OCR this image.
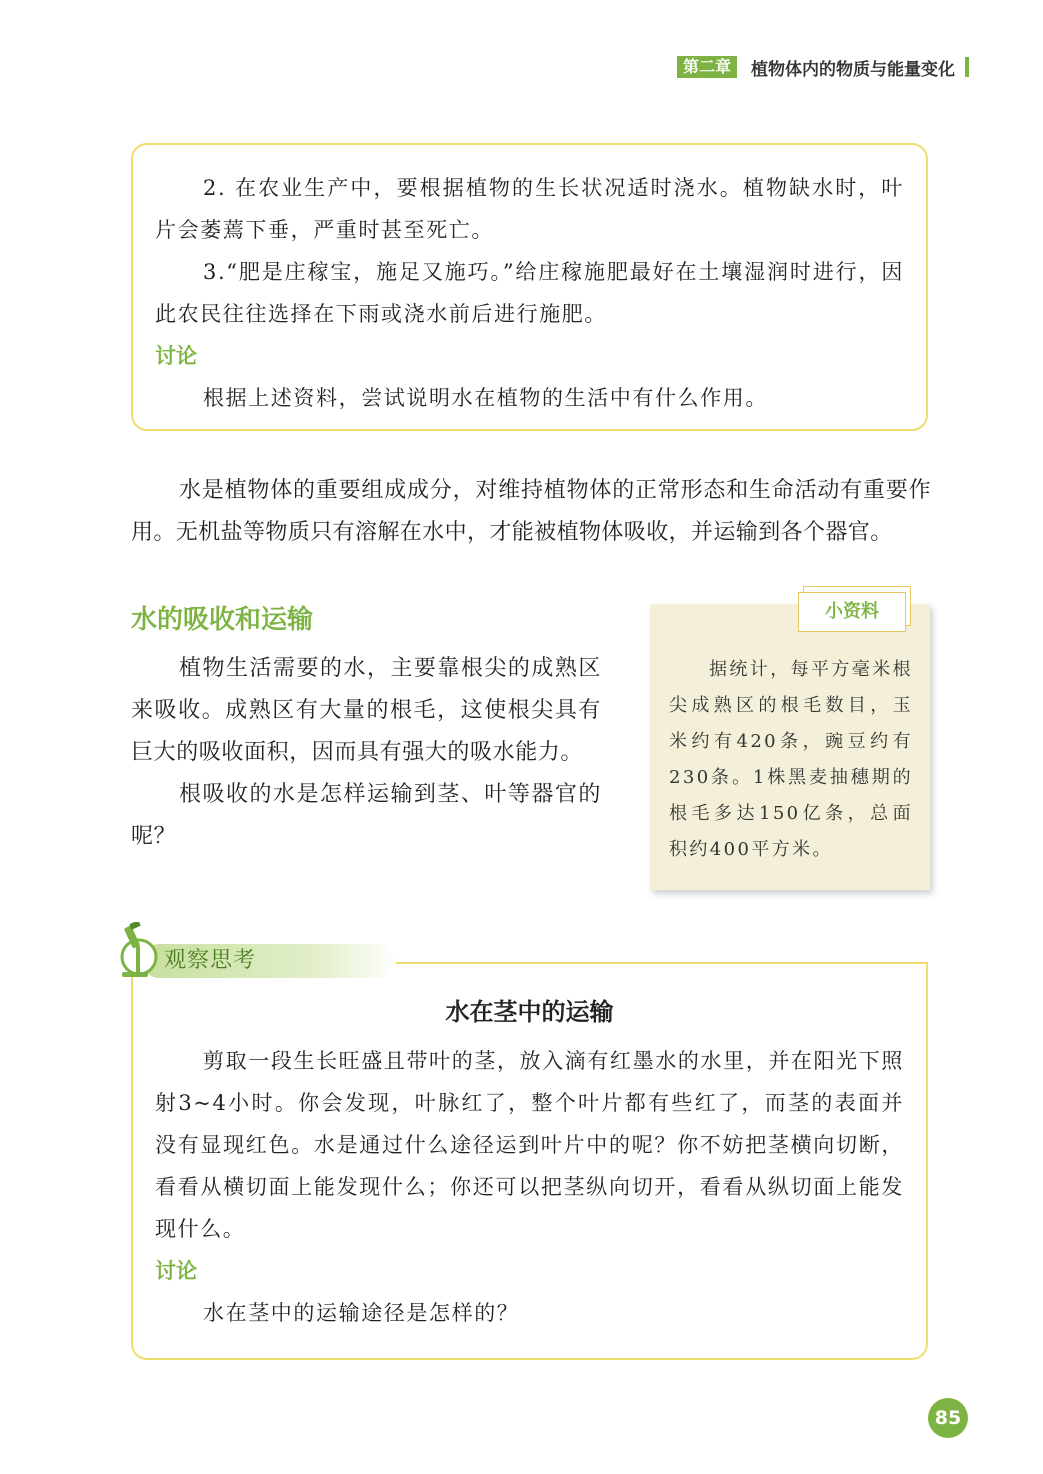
第二章	植物体内的物质与能量变化

2. 在农业生产中，要根据植物的生长状况适时浇水。植物缺水时，叶片会萎蔫下垂，严重时甚至死亡。

3.“肥是庄稼宝，施足又施巧。”给庄稼施肥最好在土壤湿润时进行，因此农民往往选择在下雨或浇水前后进行施肥。

讨论

根据上述资料，尝试说明水在植物的生活中有什么作用。

水是植物体的重要组成成分，对维持植物体的正常形态和生命活动有重要作用。无机盐等物质只有溶解在水中，才能被植物体吸收，并运输到各个器官。

水的吸收和运输

植物生活需要的水，主要靠根尖的成熟区来吸收。成熟区有大量的根毛，这使根尖具有巨大的吸收面积，因而具有强大的吸水能力。

根吸收的水是怎样运输到茎、叶等器官的呢？

小资料

据统计，每平方毫米根尖成熟区的根毛数目，玉米约有420条，豌豆约有230条。1株黑麦抽穗期的根毛多达150亿条，总面积约400平方米。

水在茎中的运输

剪取一段生长旺盛且带叶的茎，放入滴有红墨水的水里，并在阳光下照射3~4小时。你会发现，叶脉红了，整个叶片都有些红了，而茎的表面并没有显现红色。水是通过什么途径运到叶片中的呢？你不妨把茎横向切断，看看从横切面上能发现什么；你还可以把茎纵向切开，看看从纵切面上能发现什么。

讨论

水在茎中的运输途径是怎样的？

观察思考
85
